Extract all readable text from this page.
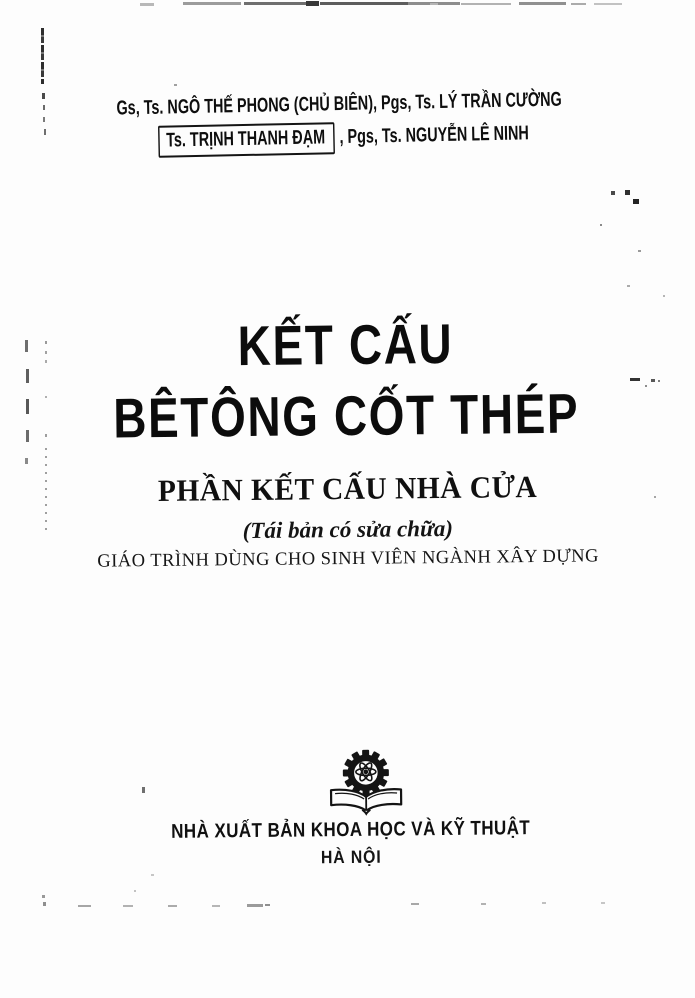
Gs, Ts. NGÔ THẾ PHONG (CHỦ BIÊN), Pgs, Ts. LÝ TRẦN CƯỜNG
Ts. TRỊNH THANH ĐẠM , Pgs, Ts. NGUYỄN LÊ NINH
KẾT CẤU
BÊTÔNG CỐT THÉP
PHẦN KẾT CẤU NHÀ CỬA
(Tái bản có sửa chữa)
GIÁO TRÌNH DÙNG CHO SINH VIÊN NGÀNH XÂY DỰNG
NHÀ XUẤT BẢN KHOA HỌC VÀ KỸ THUẬT
HÀ NỘI
